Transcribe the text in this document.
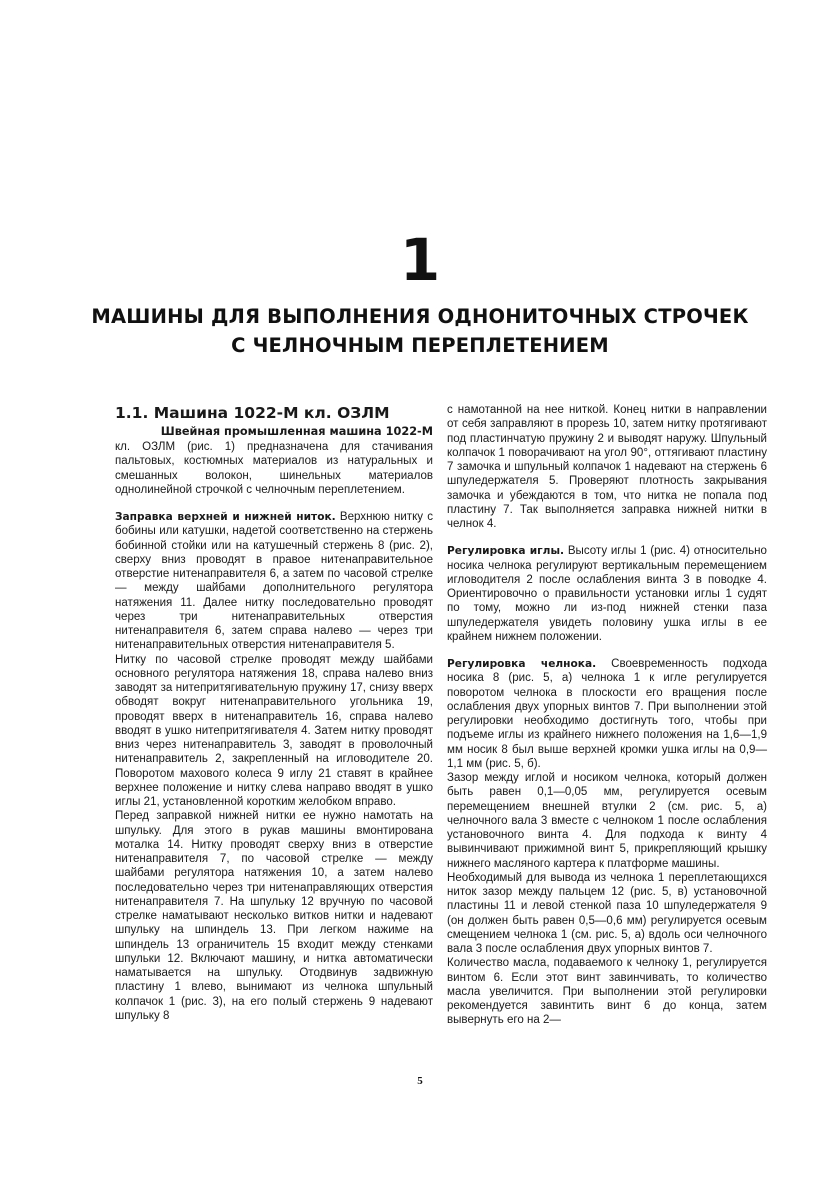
1
МАШИНЫ ДЛЯ ВЫПОЛНЕНИЯ ОДНОНИТОЧНЫХ СТРОЧЕК
С ЧЕЛНОЧНЫМ ПЕРЕПЛЕТЕНИЕМ
1.1. Машина 1022-М кл. ОЗЛМ
Швейная промышленная машина 1022-М

кл. ОЗЛМ (рис. 1) предназначена для стачивания пальтовых, костюмных материалов из натуральных и смешанных волокон, шинельных материалов однолинейной строчкой с челночным переплетением.

Заправка верхней и нижней ниток. Верхнюю нитку с бобины или катушки, надетой соответственно на стержень бобинной стойки или на катушечный стержень 8 (рис. 2), сверху вниз проводят в правое нитенаправительное отверстие нитенаправителя 6, а затем по часовой стрелке — между шайбами дополнительного регулятора натяжения 11. Далее нитку последовательно проводят через три нитенаправительных отверстия нитенаправителя 6, затем справа налево — через три нитенаправительных отверстия нитенаправителя 5.

Нитку по часовой стрелке проводят между шайбами основного регулятора натяжения 18, справа налево вниз заводят за нитепритягивательную пружину 17, снизу вверх обводят вокруг нитенаправительного угольника 19, проводят вверх в нитенаправитель 16, справа налево вводят в ушко нитепритягивателя 4. Затем нитку проводят вниз через нитенаправитель 3, заводят в проволочный нитенаправитель 2, закрепленный на игловодителе 20. Поворотом махового колеса 9 иглу 21 ставят в крайнее верхнее положение и нитку слева направо вводят в ушко иглы 21, установленной коротким желобком вправо.

Перед заправкой нижней нитки ее нужно намотать на шпульку. Для этого в рукав машины вмонтирована моталка 14. Нитку проводят сверху вниз в отверстие нитенаправителя 7, по часовой стрелке — между шайбами регулятора натяжения 10, а затем налево последовательно через три нитенаправляющих отверстия нитенаправителя 7. На шпульку 12 вручную по часовой стрелке наматывают несколько витков нитки и надевают шпульку на шпиндель 13. При легком нажиме на шпиндель 13 ограничитель 15 входит между стенками шпульки 12. Включают машину, и нитка автоматически наматывается на шпульку. Отодвинув задвижную пластину 1 влево, вынимают из челнока шпульный колпачок 1 (рис. 3), на его полый стержень 9 надевают шпульку 8

с намотанной на нее ниткой. Конец нитки в направлении от себя заправляют в прорезь 10, затем нитку протягивают под пластинчатую пружину 2 и выводят наружу. Шпульный колпачок 1 поворачивают на угол 90°, оттягивают пластину 7 замочка и шпульный колпачок 1 надевают на стержень 6 шпуледержателя 5. Проверяют плотность закрывания замочка и убеждаются в том, что нитка не попала под пластину 7. Так выполняется заправка нижней нитки в челнок 4.

Регулировка иглы. Высоту иглы 1 (рис. 4) относительно носика челнока регулируют вертикальным перемещением игловодителя 2 после ослабления винта 3 в поводке 4. Ориентировочно о правильности установки иглы 1 судят по тому, можно ли из-под нижней стенки паза шпуледержателя увидеть половину ушка иглы в ее крайнем нижнем положении.

Регулировка челнока. Своевременность подхода носика 8 (рис. 5, а) челнока 1 к игле регулируется поворотом челнока в плоскости его вращения после ослабления двух упорных винтов 7. При выполнении этой регулировки необходимо достигнуть того, чтобы при подъеме иглы из крайнего нижнего положения на 1,6—1,9 мм носик 8 был выше верхней кромки ушка иглы на 0,9—1,1 мм (рис. 5, б).

Зазор между иглой и носиком челнока, который должен быть равен 0,1—0,05 мм, регулируется осевым перемещением внешней втулки 2 (см. рис. 5, а) челночного вала 3 вместе с челноком 1 после ослабления установочного винта 4. Для подхода к винту 4 вывинчивают прижимной винт 5, прикрепляющий крышку нижнего масляного картера к платформе машины.

Необходимый для вывода из челнока 1 переплетающихся ниток зазор между пальцем 12 (рис. 5, в) установочной пластины 11 и левой стенкой паза 10 шпуледержателя 9 (он должен быть равен 0,5—0,6 мм) регулируется осевым смещением челнока 1 (см. рис. 5, а) вдоль оси челночного вала 3 после ослабления двух упорных винтов 7.

Количество масла, подаваемого к челноку 1, регулируется винтом 6. Если этот винт завинчивать, то количество масла увеличится. При выполнении этой регулировки рекомендуется завинтить винт 6 до конца, затем вывернуть его на 2—

5
